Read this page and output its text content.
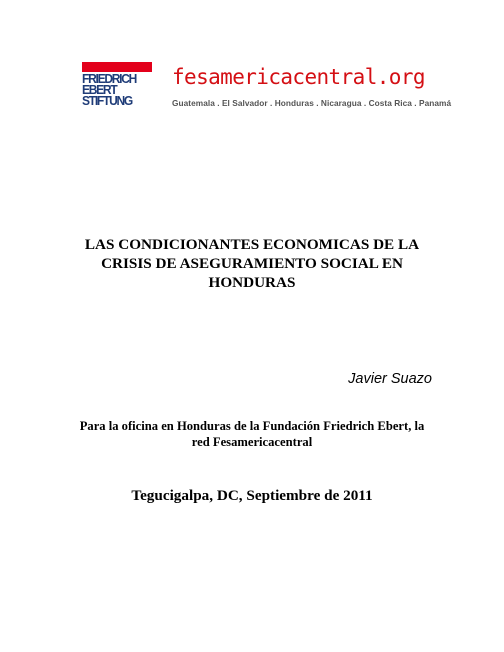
FRIEDRICH
EBERT
STIFTUNG
fesamericacentral.org
Guatemala . El Salvador . Honduras . Nicaragua . Costa Rica . Panamá
LAS CONDICIONANTES ECONOMICAS DE LA
CRISIS DE ASEGURAMIENTO SOCIAL EN
HONDURAS
Javier Suazo

Para la oficina en Honduras de la Fundación Friedrich Ebert, la
red Fesamericacentral

Tegucigalpa, DC, Septiembre de 2011
